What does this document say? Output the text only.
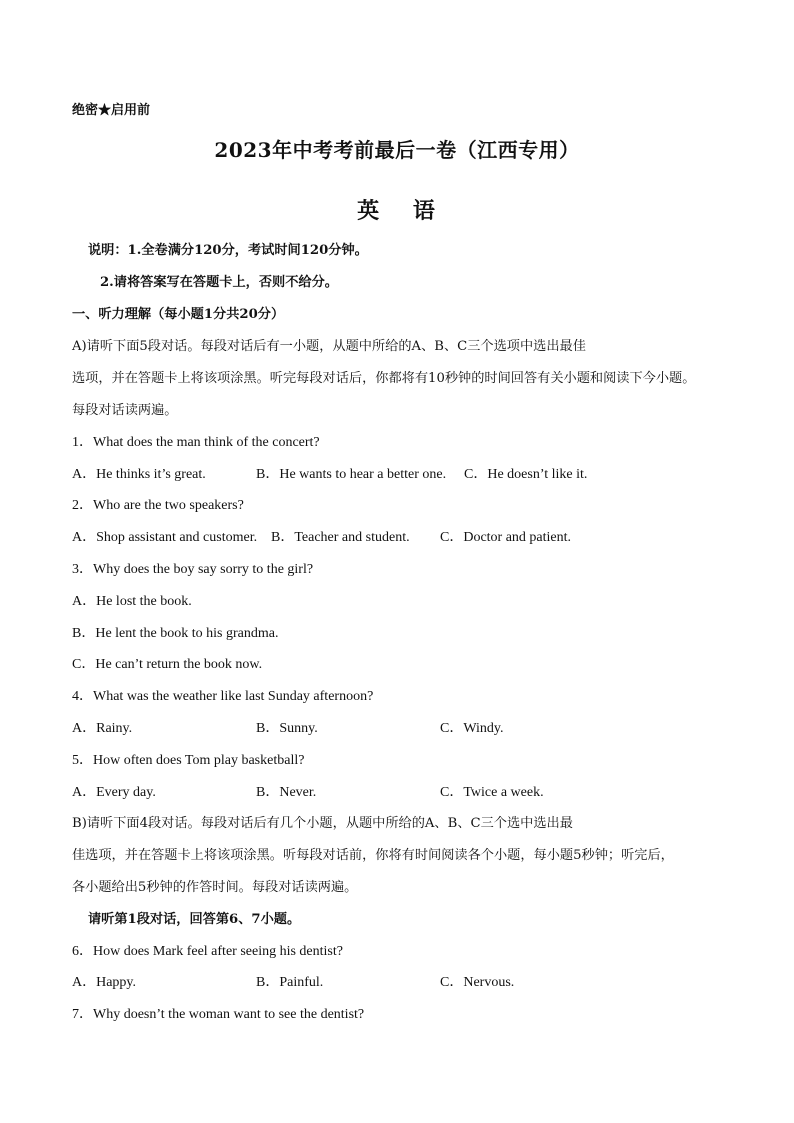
绝密★启用前
2023年中考考前最后一卷（江西专用）
英 语
说明：1.全卷满分120分，考试时间120分钟。
2.请将答案写在答题卡上，否则不给分。
一、听力理解（每小题1分共20分）
A)请听下面5段对话。每段对话后有一小题，从题中所给的A、B、C三个选项中选出最佳
选项，并在答题卡上将该项涂黑。听完每段对话后，你都将有10秒钟的时间回答有关小题和阅读下今小题。
每段对话读两遍。
1．What does the man think of the concert?
A．He thinks it’s great.	B．He wants to hear a better one. C．He doesn’t like it.
2．Who are the two speakers?
A．Shop assistant and customer. B．Teacher and student. C．Doctor and patient.
3．Why does the boy say sorry to the girl?
A．He lost the book.
B．He lent the book to his grandma.
C．He can’t return the book now.
4．What was the weather like last Sunday afternoon?
A．Rainy.	B．Sunny.	C．Windy.
5．How often does Tom play basketball?
A．Every day.	B．Never.	C．Twice a week.
B)请听下面4段对话。每段对话后有几个小题，从题中所给的A、B、C三个选中选出最
佳选项，并在答题卡上将该项涂黑。听每段对话前，你将有时间阅读各个小题，每小题5秒钟；听完后，
各小题给出5秒钟的作答时间。每段对话读两遍。
请听第1段对话，回答第6、7小题。
6．How does Mark feel after seeing his dentist?
A．Happy.	B．Painful.	C．Nervous.
7．Why doesn’t the woman want to see the dentist?
